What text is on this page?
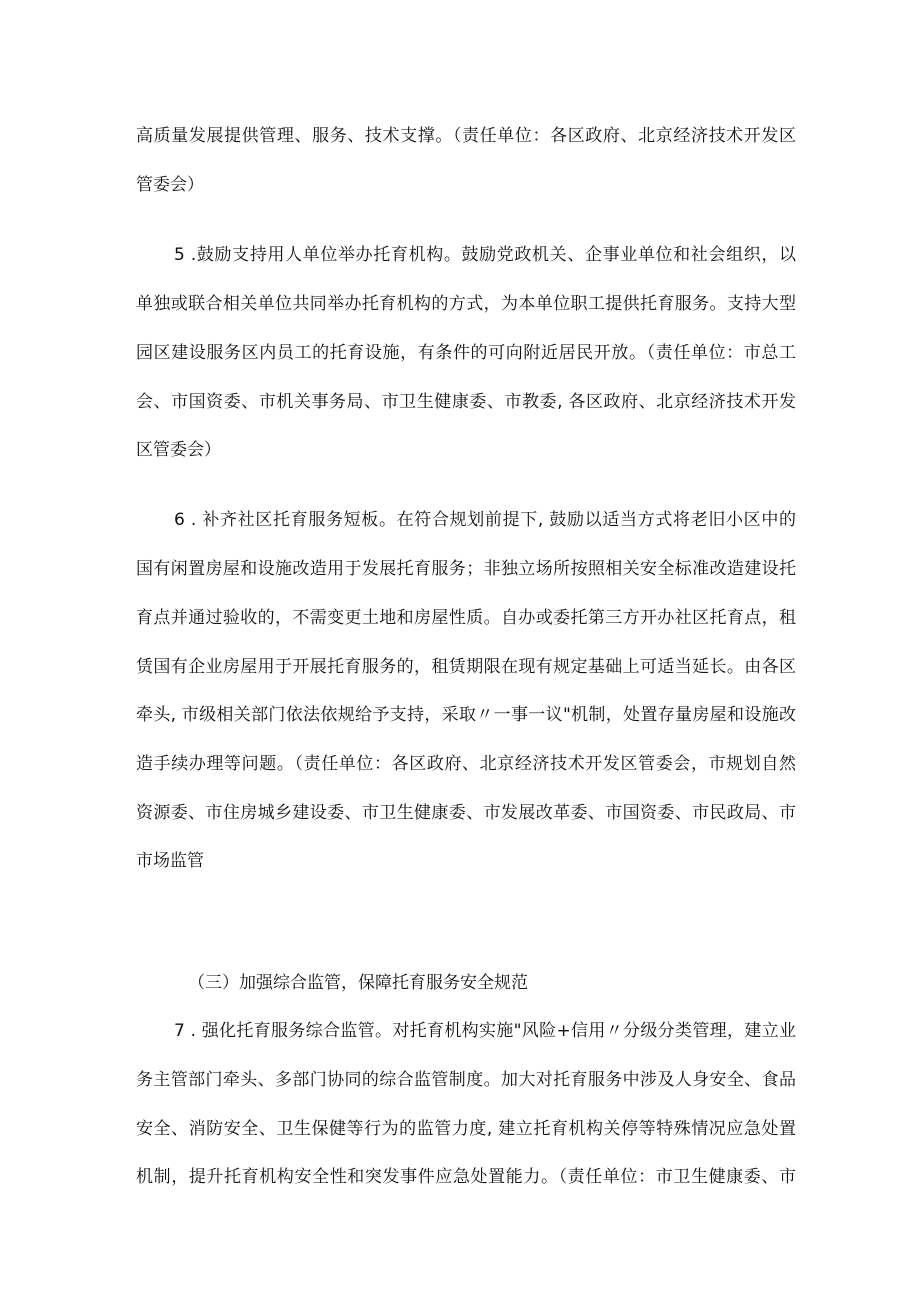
高质量发展提供管理、服务、技术支撑。（责任单位：各区政府、北京经济技术开发区
管委会）
5 .鼓励支持用人单位举办托育机构。鼓励党政机关、企事业单位和社会组织，以
单独或联合相关单位共同举办托育机构的方式，为本单位职工提供托育服务。支持大型
园区建设服务区内员工的托育设施，有条件的可向附近居民开放。（责任单位：市总工
会、市国资委、市机关事务局、市卫生健康委、市教委, 各区政府、北京经济技术开发
区管委会）
6 . 补齐社区托育服务短板。在符合规划前提下, 鼓励以适当方式将老旧小区中的
国有闲置房屋和设施改造用于发展托育服务；非独立场所按照相关安全标准改造建设托
育点并通过验收的，不需变更土地和房屋性质。自办或委托第三方开办社区托育点，租
赁国有企业房屋用于开展托育服务的，租赁期限在现有规定基础上可适当延长。由各区
牵头, 市级相关部门依法依规给予支持，采取〃一事一议"机制，处置存量房屋和设施改
造手续办理等问题。（责任单位：各区政府、北京经济技术开发区管委会，市规划自然
资源委、市住房城乡建设委、市卫生健康委、市发展改革委、市国资委、市民政局、市
市场监管
（三）加强综合监管，保障托育服务安全规范
7 . 强化托育服务综合监管。对托育机构实施"风险+信用〃分级分类管理，建立业
务主管部门牵头、多部门协同的综合监管制度。加大对托育服务中涉及人身安全、食品
安全、消防安全、卫生保健等行为的监管力度, 建立托育机构关停等特殊情况应急处置
机制，提升托育机构安全性和突发事件应急处置能力。（责任单位：市卫生健康委、市
